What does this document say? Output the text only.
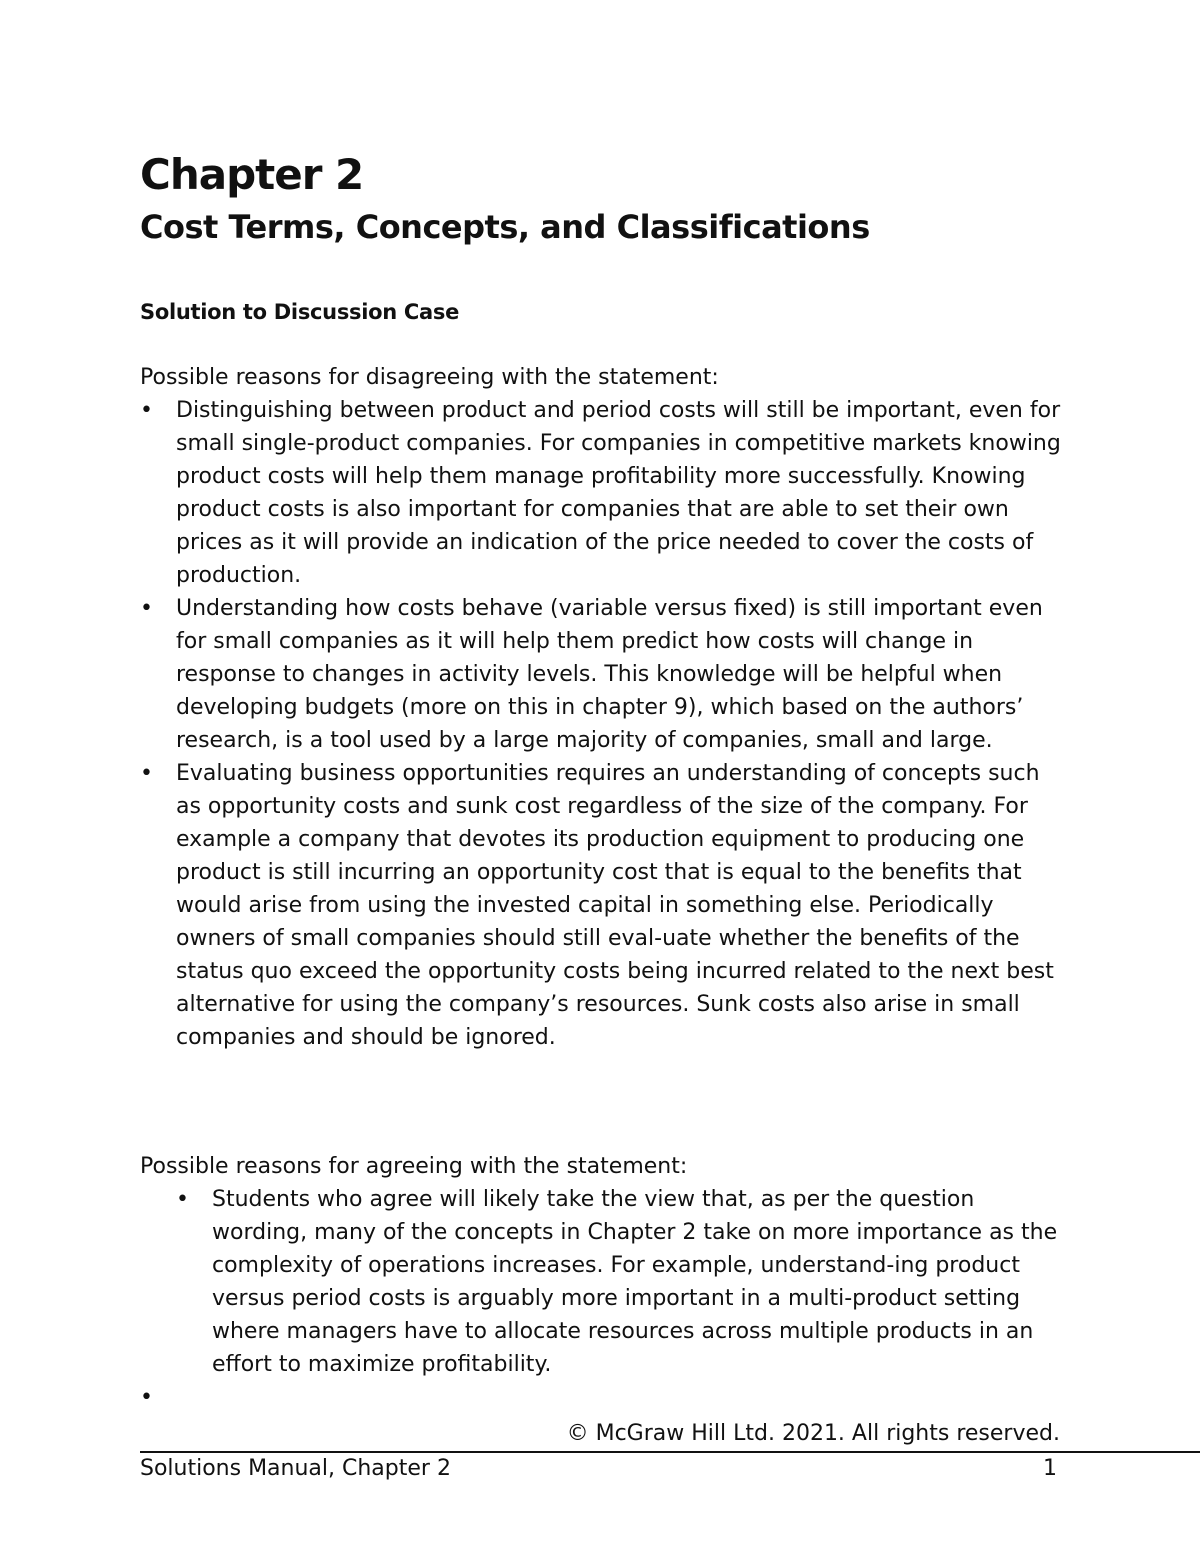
Chapter 2
Cost Terms, Concepts, and Classifications
Solution to Discussion Case

Possible reasons for disagreeing with the statement:

•	Distinguishing between product and period costs will still be important, even for small single-product companies. For companies in competitive markets knowing product costs will help them manage profitability more successfully. Knowing product costs is also important for companies that are able to set their own prices as it will provide an indication of the price needed to cover the costs of production.
•	Understanding how costs behave (variable versus fixed) is still important even for small companies as it will help them predict how costs will change in response to changes in activity levels. This knowledge will be helpful when developing budgets (more on this in chapter 9), which based on the authors’ research, is a tool used by a large majority of companies, small and large.
•	Evaluating business opportunities requires an understanding of concepts such as opportunity costs and sunk cost regardless of the size of the company. For example a company that devotes its production equipment to producing one product is still incurring an opportunity cost that is equal to the benefits that would arise from using the invested capital in something else. Periodically owners of small companies should still eval-uate whether the benefits of the status quo exceed the opportunity costs being incurred related to the next best alternative for using the company’s resources. Sunk costs also arise in small companies and should be ignored.

Possible reasons for agreeing with the statement:

• Students who agree will likely take the view that, as per the question wording, many of the concepts in Chapter 2 take on more importance as the complexity of operations increases. For example, understand-ing product versus period costs is arguably more important in a multi-product setting where managers have to allocate resources across multiple products in an effort to maximize profitability.
•

© McGraw Hill Ltd. 2021. All rights reserved.

Solutions Manual, Chapter 2	1
